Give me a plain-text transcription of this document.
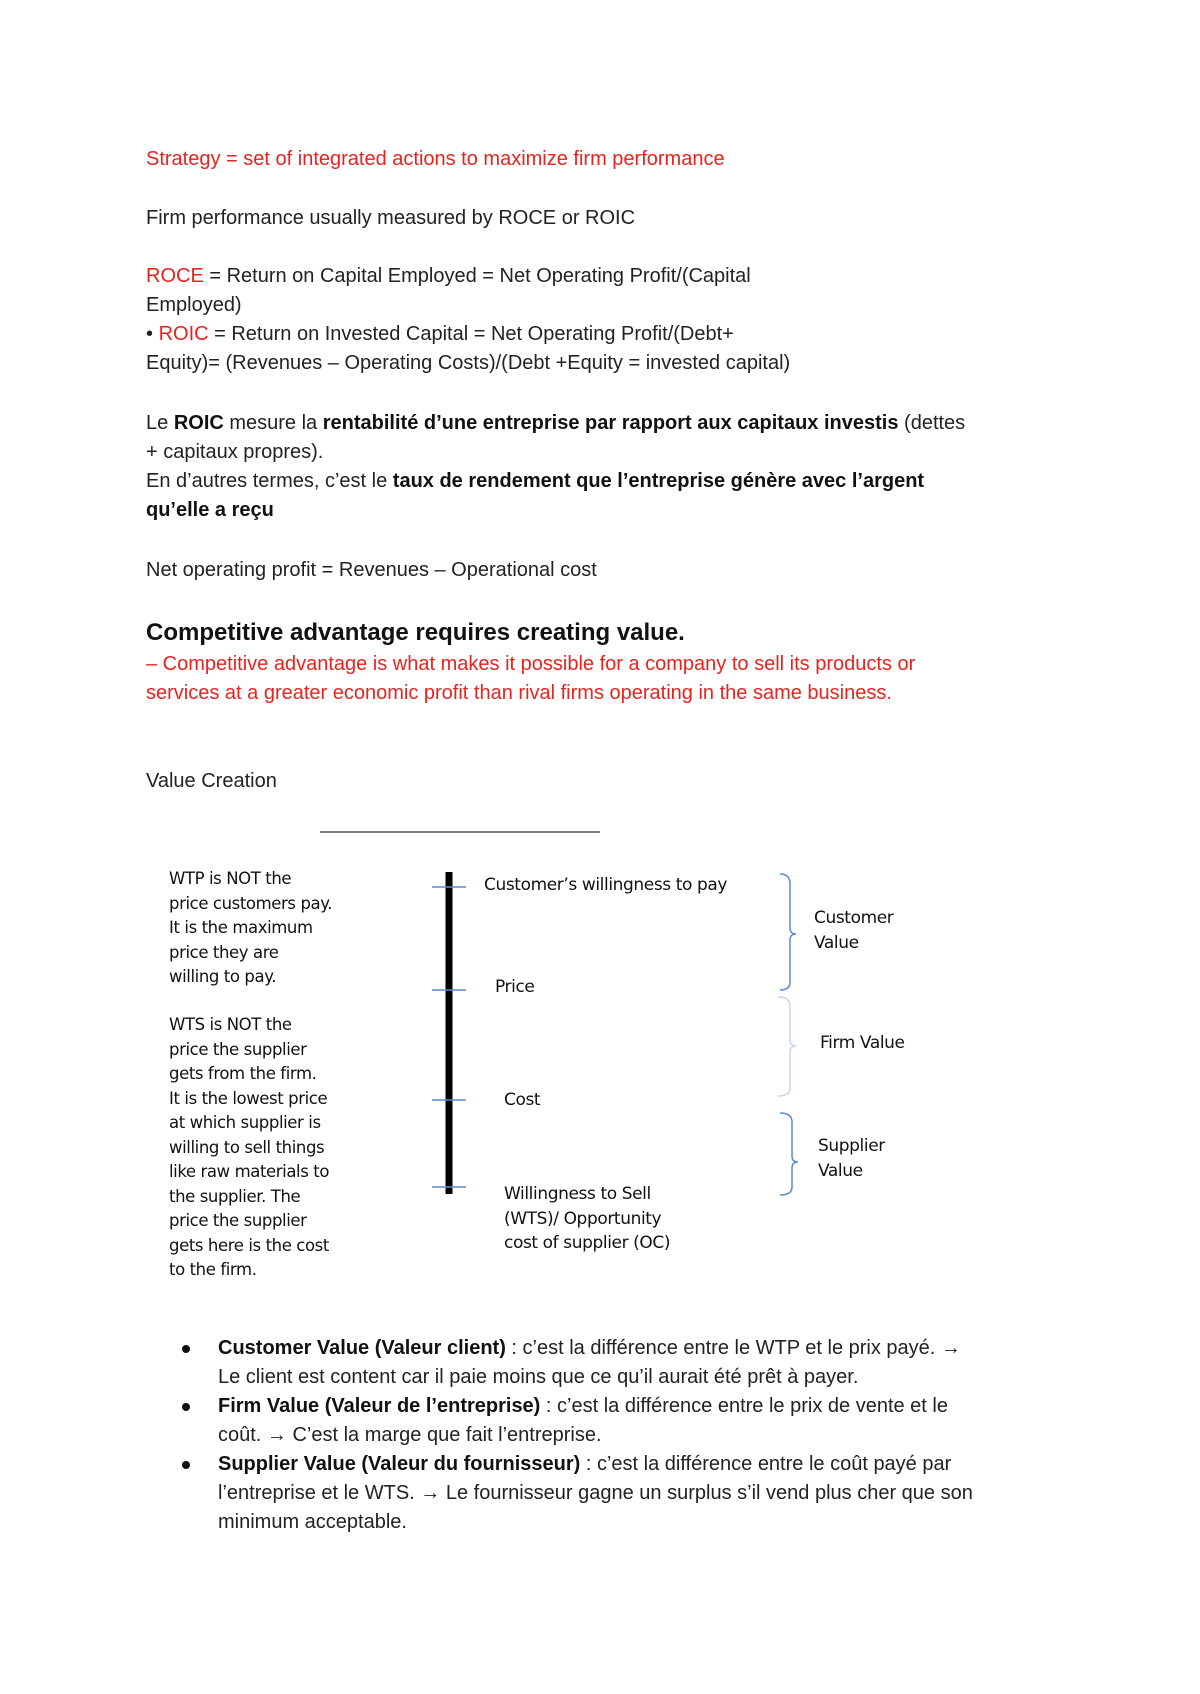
Strategy = set of integrated actions to maximize firm performance
Firm performance usually measured by ROCE or ROIC
ROCE = Return on Capital Employed = Net Operating Profit/(Capital
Employed)
• ROIC = Return on Invested Capital = Net Operating Profit/(Debt+
Equity)= (Revenues – Operating Costs)/(Debt +Equity = invested capital)
Le ROIC mesure la rentabilité d’une entreprise par rapport aux capitaux investis (dettes
+ capitaux propres).
En d’autres termes, c’est le taux de rendement que l’entreprise génère avec l’argent
qu’elle a reçu
Net operating profit = Revenues – Operational cost
Competitive advantage requires creating value.
– Competitive advantage is what makes it possible for a company to sell its products or
services at a greater economic profit than rival firms operating in the same business.
Value Creation
WTP is NOT the
price customers pay.
It is the maximum
price they are
willing to pay.
WTS is NOT the
price the supplier
gets from the firm.
It is the lowest price
at which supplier is
willing to sell things
like raw materials to
the supplier. The
price the supplier
gets here is the cost
to the firm.
Customer’s willingness to pay
Price
Cost
Willingness to Sell
(WTS)/ Opportunity
cost of supplier (OC)
Customer
Value
Firm Value
Supplier
Value
Customer Value (Valeur client) : c’est la différence entre le WTP et le prix payé. →
Le client est content car il paie moins que ce qu’il aurait été prêt à payer.
Firm Value (Valeur de l’entreprise) : c’est la différence entre le prix de vente et le
coût. → C’est la marge que fait l’entreprise.
Supplier Value (Valeur du fournisseur) : c’est la différence entre le coût payé par
l’entreprise et le WTS. → Le fournisseur gagne un surplus s’il vend plus cher que son
minimum acceptable.
